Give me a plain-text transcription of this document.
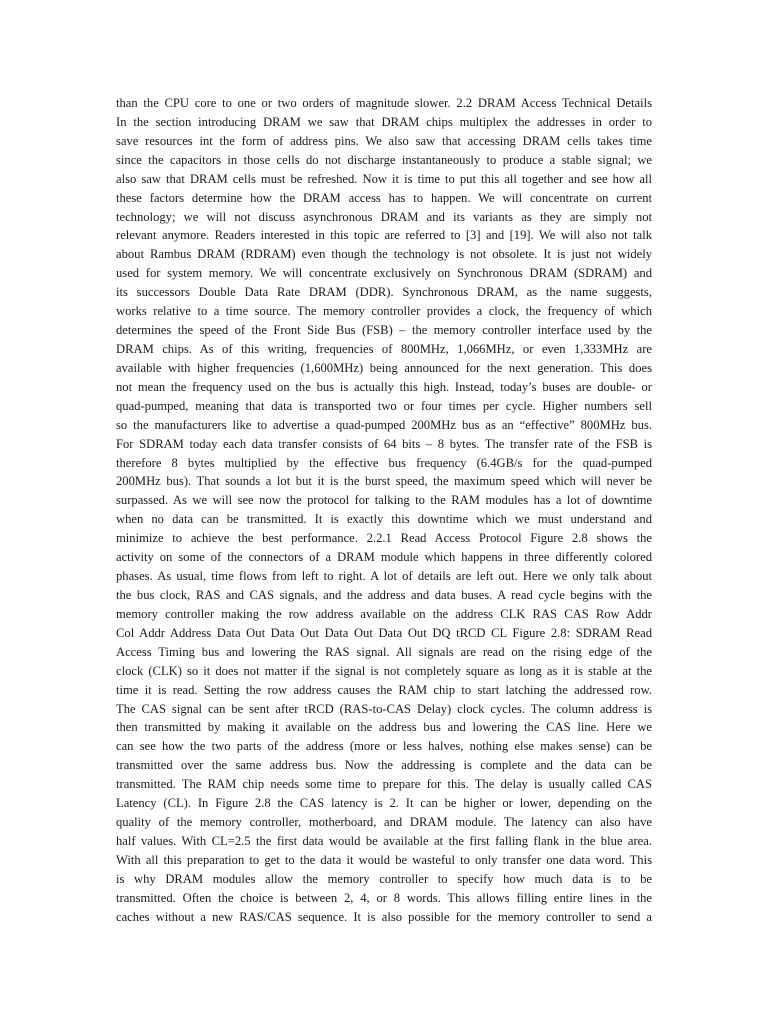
than the CPU core to one or two orders of magnitude slower. 2.2 DRAM Access Technical Details
In the section introducing DRAM we saw that DRAM chips multiplex the addresses in order to
save resources int the form of address pins. We also saw that accessing DRAM cells takes time
since the capacitors in those cells do not discharge instantaneously to produce a stable signal; we
also saw that DRAM cells must be refreshed. Now it is time to put this all together and see how all
these factors determine how the DRAM access has to happen. We will concentrate on current
technology; we will not discuss asynchronous DRAM and its variants as they are simply not
relevant anymore. Readers interested in this topic are referred to [3] and [19]. We will also not talk
about Rambus DRAM (RDRAM) even though the technology is not obsolete. It is just not widely
used for system memory. We will concentrate exclusively on Synchronous DRAM (SDRAM) and
its successors Double Data Rate DRAM (DDR). Synchronous DRAM, as the name suggests,
works relative to a time source. The memory controller provides a clock, the frequency of which
determines the speed of the Front Side Bus (FSB) – the memory controller interface used by the
DRAM chips. As of this writing, frequencies of 800MHz, 1,066MHz, or even 1,333MHz are
available with higher frequencies (1,600MHz) being announced for the next generation. This does
not mean the frequency used on the bus is actually this high. Instead, today’s buses are double- or
quad-pumped, meaning that data is transported two or four times per cycle. Higher numbers sell
so the manufacturers like to advertise a quad-pumped 200MHz bus as an “effective” 800MHz bus.
For SDRAM today each data transfer consists of 64 bits – 8 bytes. The transfer rate of the FSB is
therefore 8 bytes multiplied by the effective bus frequency (6.4GB/s for the quad-pumped
200MHz bus). That sounds a lot but it is the burst speed, the maximum speed which will never be
surpassed. As we will see now the protocol for talking to the RAM modules has a lot of downtime
when no data can be transmitted. It is exactly this downtime which we must understand and
minimize to achieve the best performance. 2.2.1 Read Access Protocol Figure 2.8 shows the
activity on some of the connectors of a DRAM module which happens in three differently colored
phases. As usual, time flows from left to right. A lot of details are left out. Here we only talk about
the bus clock, RAS and CAS signals, and the address and data buses. A read cycle begins with the
memory controller making the row address available on the address CLK RAS CAS Row Addr
Col Addr Address Data Out Data Out Data Out Data Out DQ tRCD CL Figure 2.8: SDRAM Read
Access Timing bus and lowering the RAS signal. All signals are read on the rising edge of the
clock (CLK) so it does not matter if the signal is not completely square as long as it is stable at the
time it is read. Setting the row address causes the RAM chip to start latching the addressed row.
The CAS signal can be sent after tRCD (RAS-to-CAS Delay) clock cycles. The column address is
then transmitted by making it available on the address bus and lowering the CAS line. Here we
can see how the two parts of the address (more or less halves, nothing else makes sense) can be
transmitted over the same address bus. Now the addressing is complete and the data can be
transmitted. The RAM chip needs some time to prepare for this. The delay is usually called CAS
Latency (CL). In Figure 2.8 the CAS latency is 2. It can be higher or lower, depending on the
quality of the memory controller, motherboard, and DRAM module. The latency can also have
half values. With CL=2.5 the first data would be available at the first falling flank in the blue area.
With all this preparation to get to the data it would be wasteful to only transfer one data word. This
is why DRAM modules allow the memory controller to specify how much data is to be
transmitted. Often the choice is between 2, 4, or 8 words. This allows filling entire lines in the
caches without a new RAS/CAS sequence. It is also possible for the memory controller to send a
